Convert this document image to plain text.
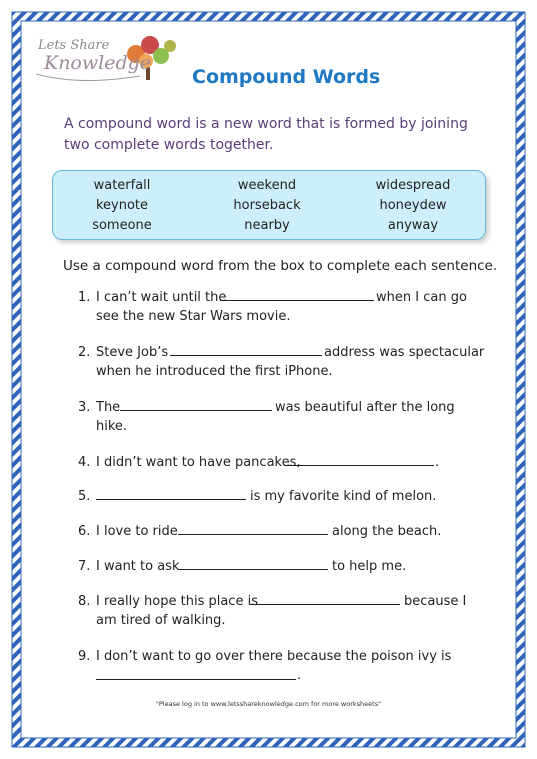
Lets Share
Knowledge
Compound Words
A compound word is a new word that is formed by joining two complete words together.
waterfall	weekend	widespread
keynote	horseback	honeydew
someone	nearby	anyway
Use a compound word from the box to complete each sentence.
1. I can’t wait until the	when I can go
see the new Star Wars movie.
2. Steve Job’s	address was spectacular
when he introduced the first iPhone.
3. The	was beautiful after the long
hike.
4. I didn’t want to have pancakes,	.
5.	is my favorite kind of melon.
6. I love to ride	along the beach.
7. I want to ask	to help me.
8. I really hope this place is	because I
am tired of walking.
9. I don’t want to go over there because the poison ivy is
.
"Please log in to www.letsshareknowledge.com for more worksheets"
